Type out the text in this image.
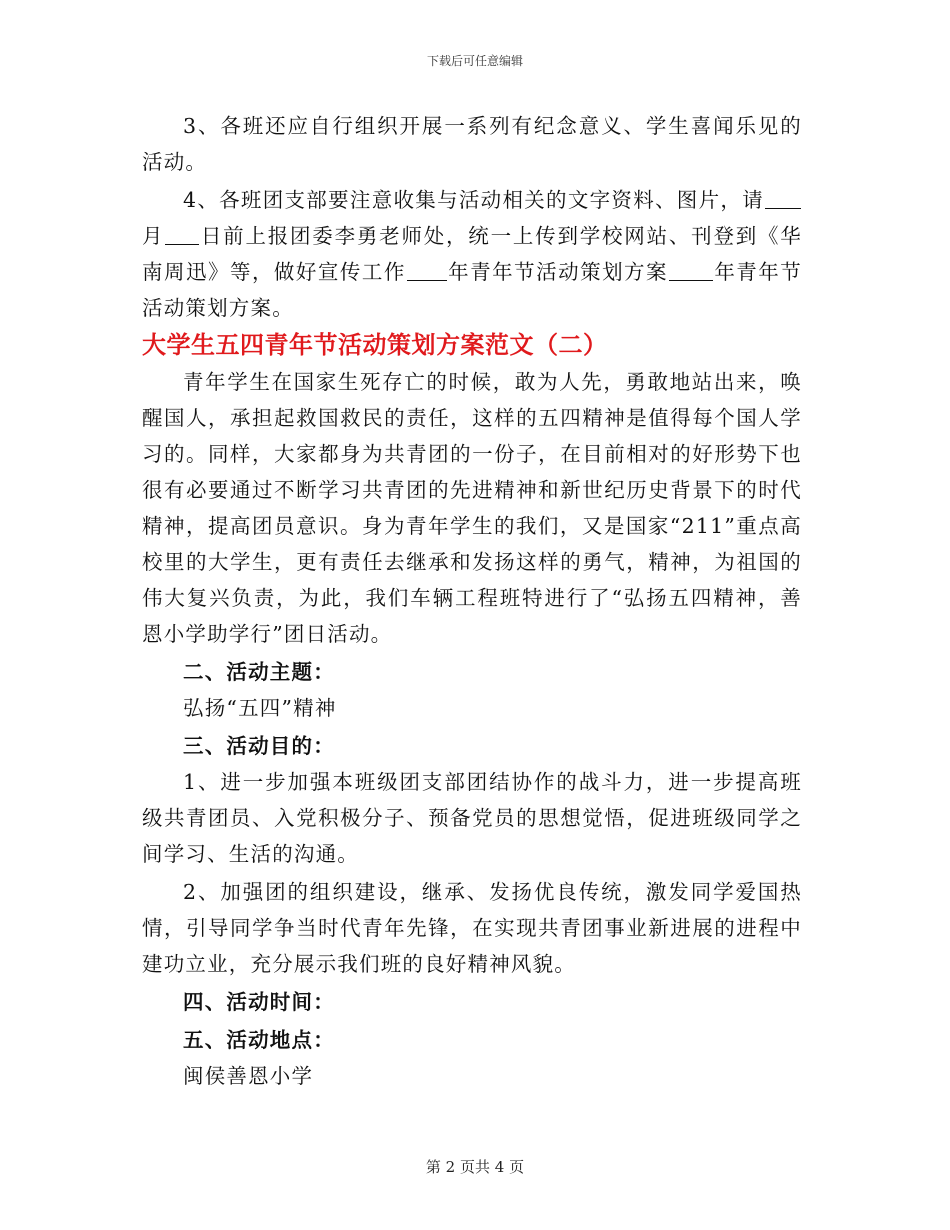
下载后可任意编辑

3、各班还应自行组织开展一系列有纪念意义、学生喜闻乐见的活动。

4、各班团支部要注意收集与活动相关的文字资料、图片，请月 日前上报团委李勇老师处，统一上传到学校网站、刊登到《华南周迅》等，做好宣传工作 年青年节活动策划方案 年青年节活动策划方案。

大学生五四青年节活动策划方案范文（二）

青年学生在国家生死存亡的时候，敢为人先，勇敢地站出来，唤醒国人，承担起救国救民的责任，这样的五四精神是值得每个国人学习的。同样，大家都身为共青团的一份子，在目前相对的好形势下也很有必要通过不断学习共青团的先进精神和新世纪历史背景下的时代精神，提高团员意识。身为青年学生的我们，又是国家“211”重点高校里的大学生，更有责任去继承和发扬这样的勇气，精神，为祖国的伟大复兴负责，为此，我们车辆工程班特进行了“弘扬五四精神，善恩小学助学行”团日活动。

二、活动主题：

弘扬“五四”精神

三、活动目的：

1、进一步加强本班级团支部团结协作的战斗力，进一步提高班级共青团员、入党积极分子、预备党员的思想觉悟，促进班级同学之间学习、生活的沟通。

2、加强团的组织建设，继承、发扬优良传统，激发同学爱国热情，引导同学争当时代青年先锋，在实现共青团事业新进展的进程中建功立业，充分展示我们班的良好精神风貌。

四、活动时间：

五、活动地点：

闽侯善恩小学

第 2 页共 4 页
